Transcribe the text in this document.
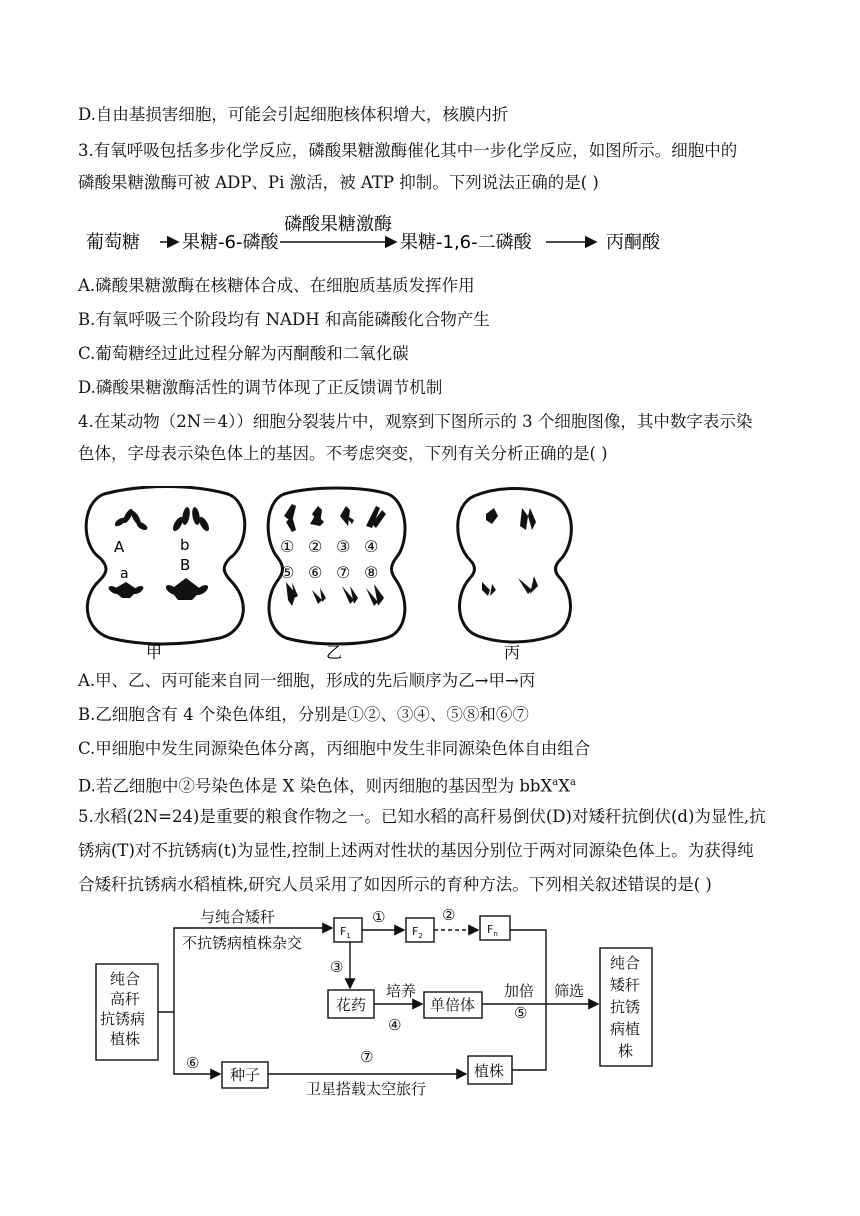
D.自由基损害细胞，可能会引起细胞核体积增大，核膜内折
3.有氧呼吸包括多步化学反应，磷酸果糖激酶催化其中一步化学反应，如图所示。细胞中的
磷酸果糖激酶可被 ADP、Pi 激活，被 ATP 抑制。下列说法正确的是( )
葡萄糖 果糖-6-磷酸
磷酸果糖激酶
果糖-1,6-二磷酸	丙酮酸
A.磷酸果糖激酶在核糖体合成、在细胞质基质发挥作用
B.有氧呼吸三个阶段均有 NADH 和高能磷酸化合物产生
C.葡萄糖经过此过程分解为丙酮酸和二氧化碳
D.磷酸果糖激酶活性的调节体现了正反馈调节机制
4.在某动物（2N＝4））细胞分裂装片中，观察到下图所示的 3 个细胞图像，其中数字表示染
色体，字母表示染色体上的基因。不考虑突变，下列有关分析正确的是( )
A	b
a	B
甲
① ② ③ ④
⑤ ⑥ ⑦ ⑧
乙	丙
A.甲、乙、丙可能来自同一细胞，形成的先后顺序为乙→甲→丙
B.乙细胞含有 4 个染色体组，分别是①②、③④、⑤⑧和⑥⑦
C.甲细胞中发生同源染色体分离，丙细胞中发生非同源染色体自由组合
D.若乙细胞中②号染色体是 X 染色体，则丙细胞的基因型为 $bbX^aX^a$
5.水稻(2N=24)是重要的粮食作物之一。已知水稻的高秆易倒伏(D)对矮秆抗倒伏(d)为显性,抗
锈病(T)对不抗锈病(t)为显性,控制上述两对性状的基因分别位于两对同源染色体上。为获得纯
合矮秆抗锈病水稻植株,研究人员采用了如因所示的育种方法。下列相关叙述错误的是( )
纯合
高秆
抗锈病
植株
与纯合矮秆
不抗锈病植株杂交
①	②
③
④
⑤
⑥	⑦
花药
培养
单倍体
加倍 筛选
种子	植株
卫星搭载太空旅行
纯合
矮秆
抗锈
病植
株
$F_1$	$F_2$	$F_n$
